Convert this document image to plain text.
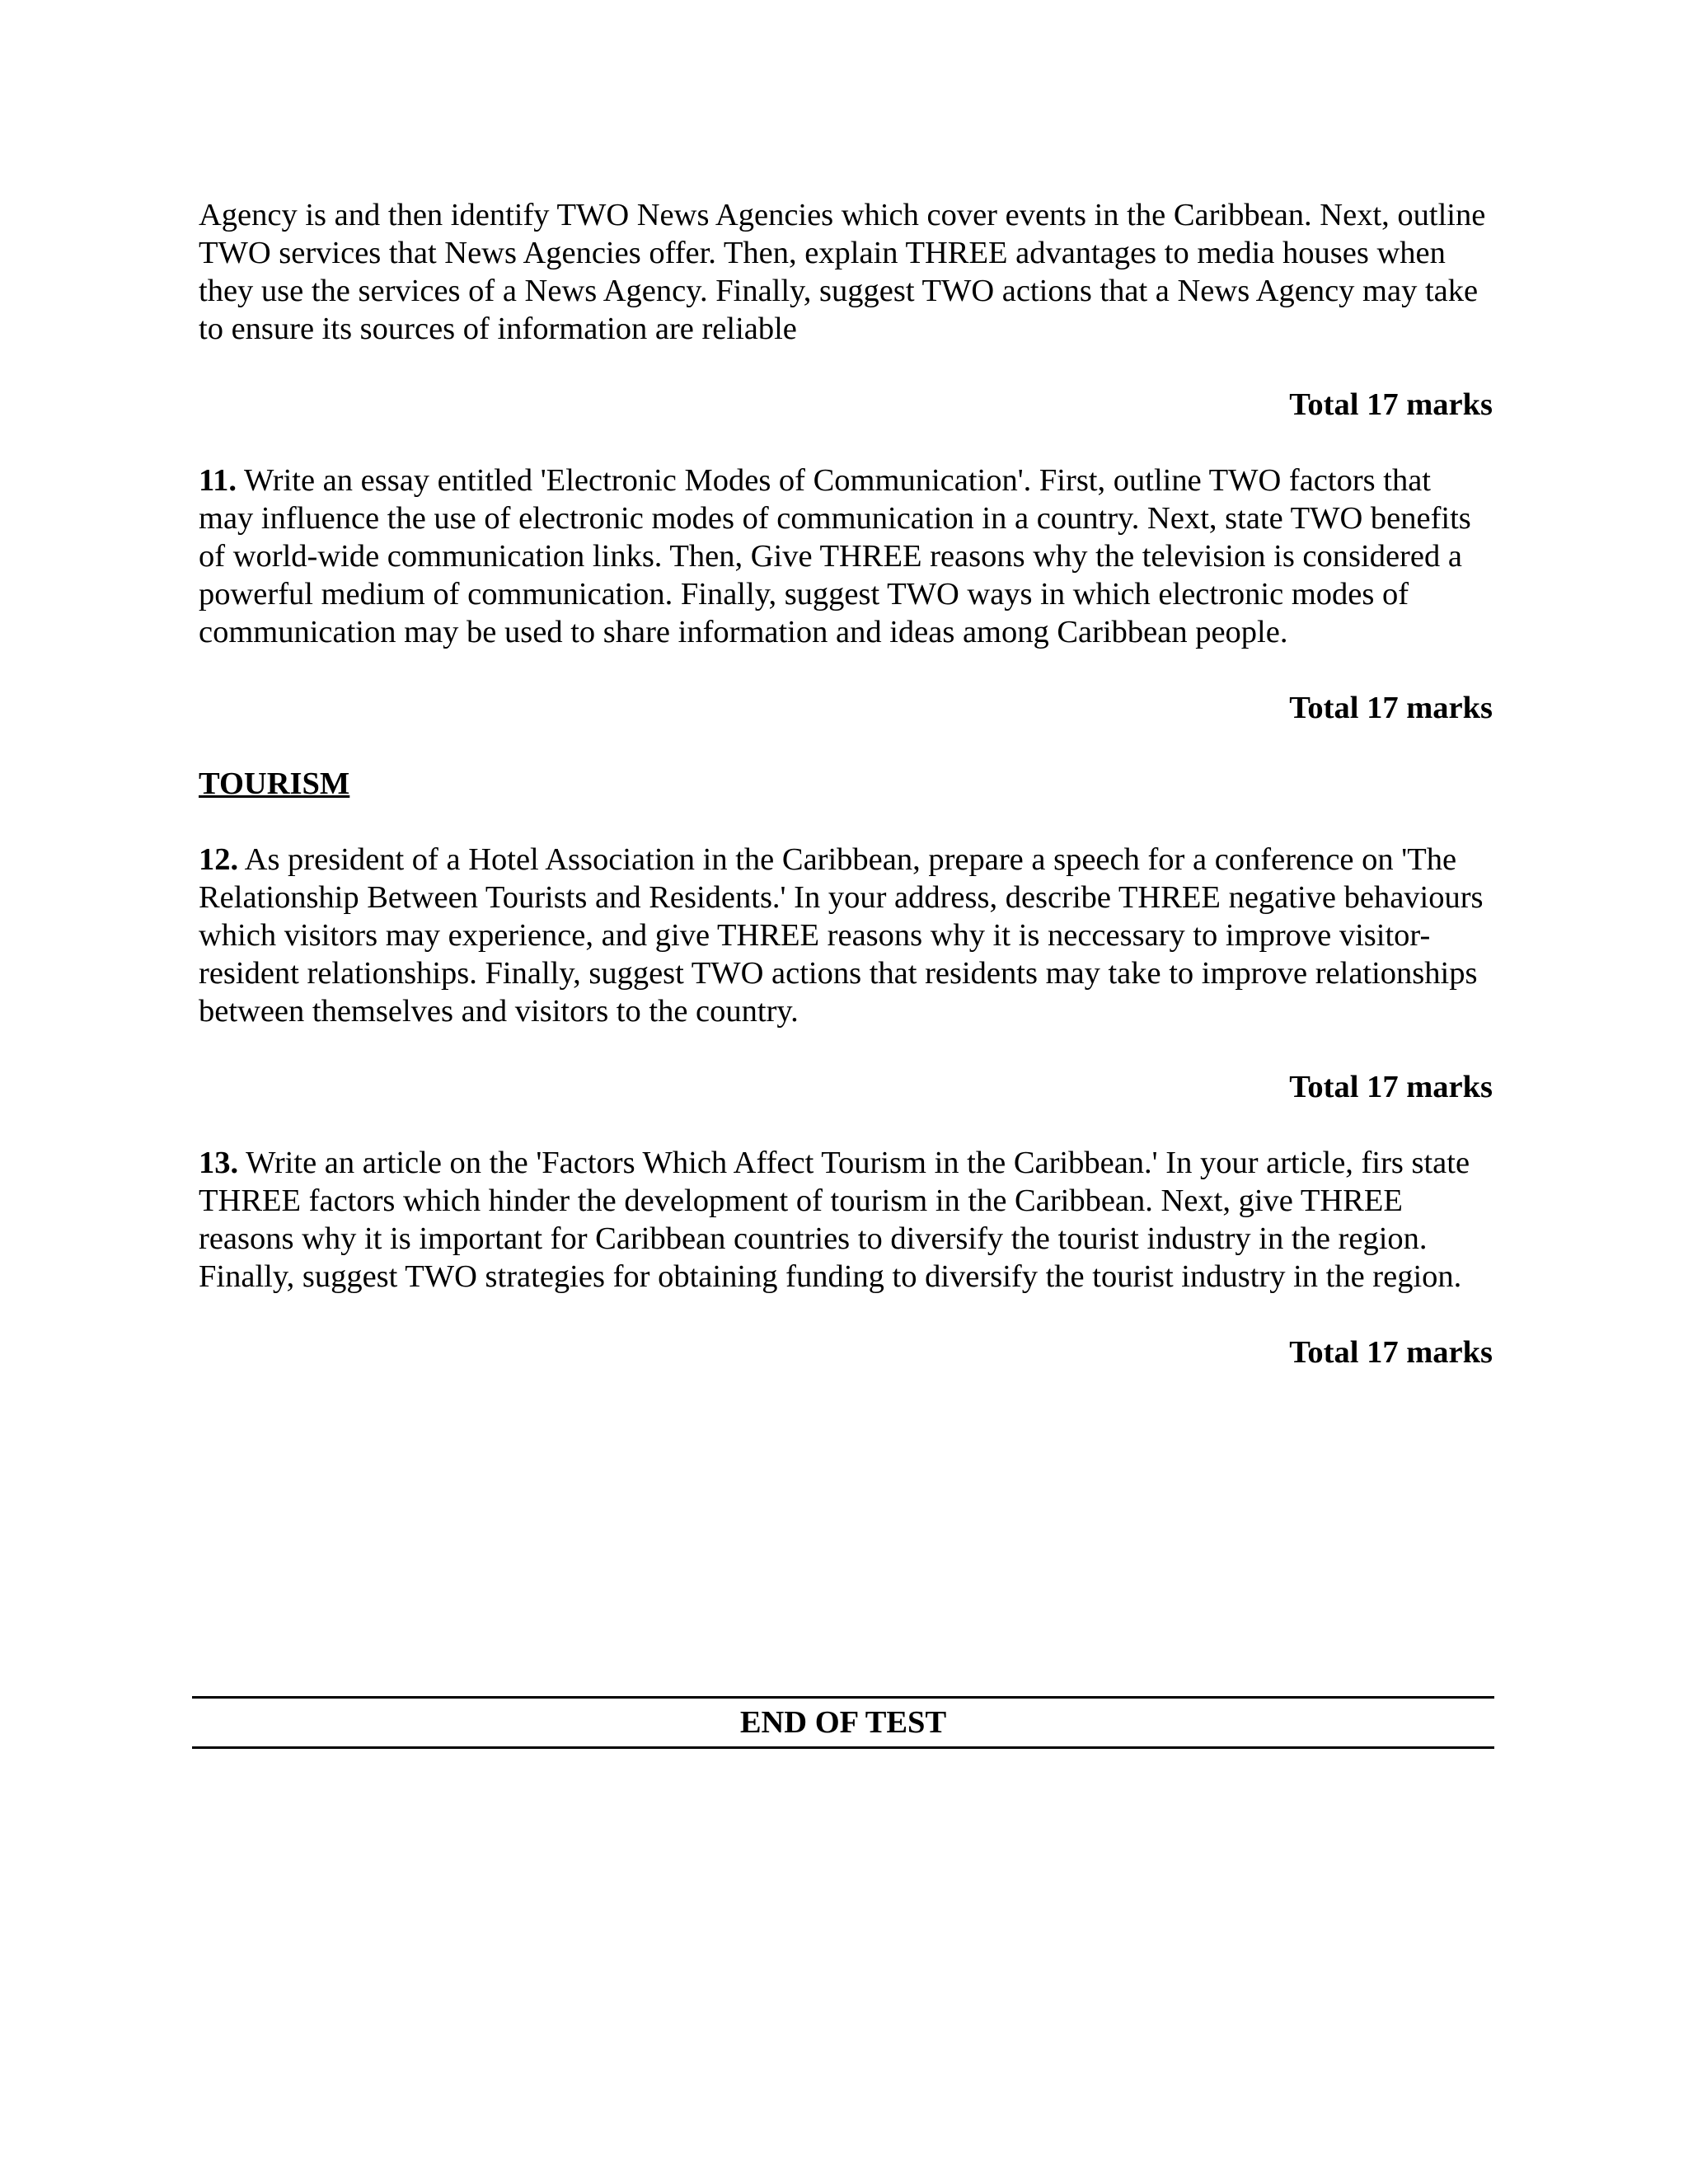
Agency is and then identify TWO News Agencies which cover events in the Caribbean. Next, outline TWO services that News Agencies offer. Then, explain THREE advantages to media houses when they use the services of a News Agency. Finally, suggest TWO actions that a News Agency may take to ensure its sources of information are reliable

Total 17 marks

11. Write an essay entitled 'Electronic Modes of Communication'. First, outline TWO factors that may influence the use of electronic modes of communication in a country. Next, state TWO benefits of world-wide communication links. Then, Give THREE reasons why the television is considered a powerful medium of communication. Finally, suggest TWO ways in which electronic modes of communication may be used to share information and ideas among Caribbean people.

Total 17 marks
TOURISM

12. As president of a Hotel Association in the Caribbean, prepare a speech for a conference on 'The Relationship Between Tourists and Residents.' In your address, describe THREE negative behaviours which visitors may experience, and give THREE reasons why it is neccessary to improve visitor-resident relationships. Finally, suggest TWO actions that residents may take to improve relationships between themselves and visitors to the country.

Total 17 marks

13. Write an article on the 'Factors Which Affect Tourism in the Caribbean.' In your article, firs state THREE factors which hinder the development of tourism in the Caribbean. Next, give THREE reasons why it is important for Caribbean countries to diversify the tourist industry in the region. Finally, suggest TWO strategies for obtaining funding to diversify the tourist industry in the region.

Total 17 marks
END OF TEST
